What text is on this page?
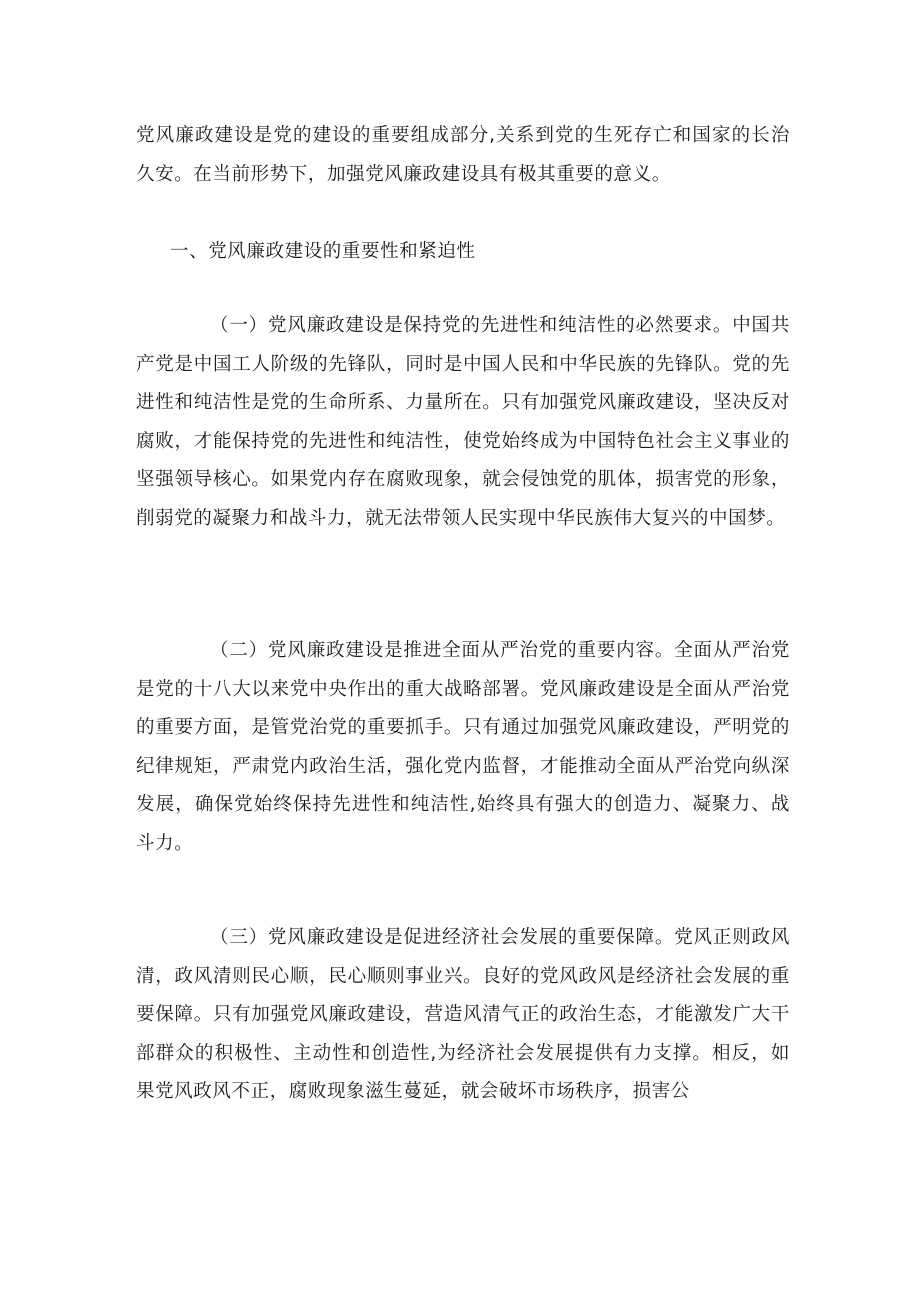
党风廉政建设是党的建设的重要组成部分,关系到党的生死存亡和国家的长治久安。在当前形势下，加强党风廉政建设具有极其重要的意义。

一、党风廉政建设的重要性和紧迫性

（一）党风廉政建设是保持党的先进性和纯洁性的必然要求。中国共产党是中国工人阶级的先锋队，同时是中国人民和中华民族的先锋队。党的先进性和纯洁性是党的生命所系、力量所在。只有加强党风廉政建设，坚决反对腐败，才能保持党的先进性和纯洁性，使党始终成为中国特色社会主义事业的坚强领导核心。如果党内存在腐败现象，就会侵蚀党的肌体，损害党的形象，削弱党的凝聚力和战斗力，就无法带领人民实现中华民族伟大复兴的中国梦。

（二）党风廉政建设是推进全面从严治党的重要内容。全面从严治党是党的十八大以来党中央作出的重大战略部署。党风廉政建设是全面从严治党的重要方面，是管党治党的重要抓手。只有通过加强党风廉政建设，严明党的纪律规矩，严肃党内政治生活，强化党内监督，才能推动全面从严治党向纵深发展，确保党始终保持先进性和纯洁性,始终具有强大的创造力、凝聚力、战斗力。

（三）党风廉政建设是促进经济社会发展的重要保障。党风正则政风清，政风清则民心顺，民心顺则事业兴。良好的党风政风是经济社会发展的重要保障。只有加强党风廉政建设，营造风清气正的政治生态，才能激发广大干部群众的积极性、主动性和创造性,为经济社会发展提供有力支撑。相反，如果党风政风不正，腐败现象滋生蔓延，就会破坏市场秩序，损害公
